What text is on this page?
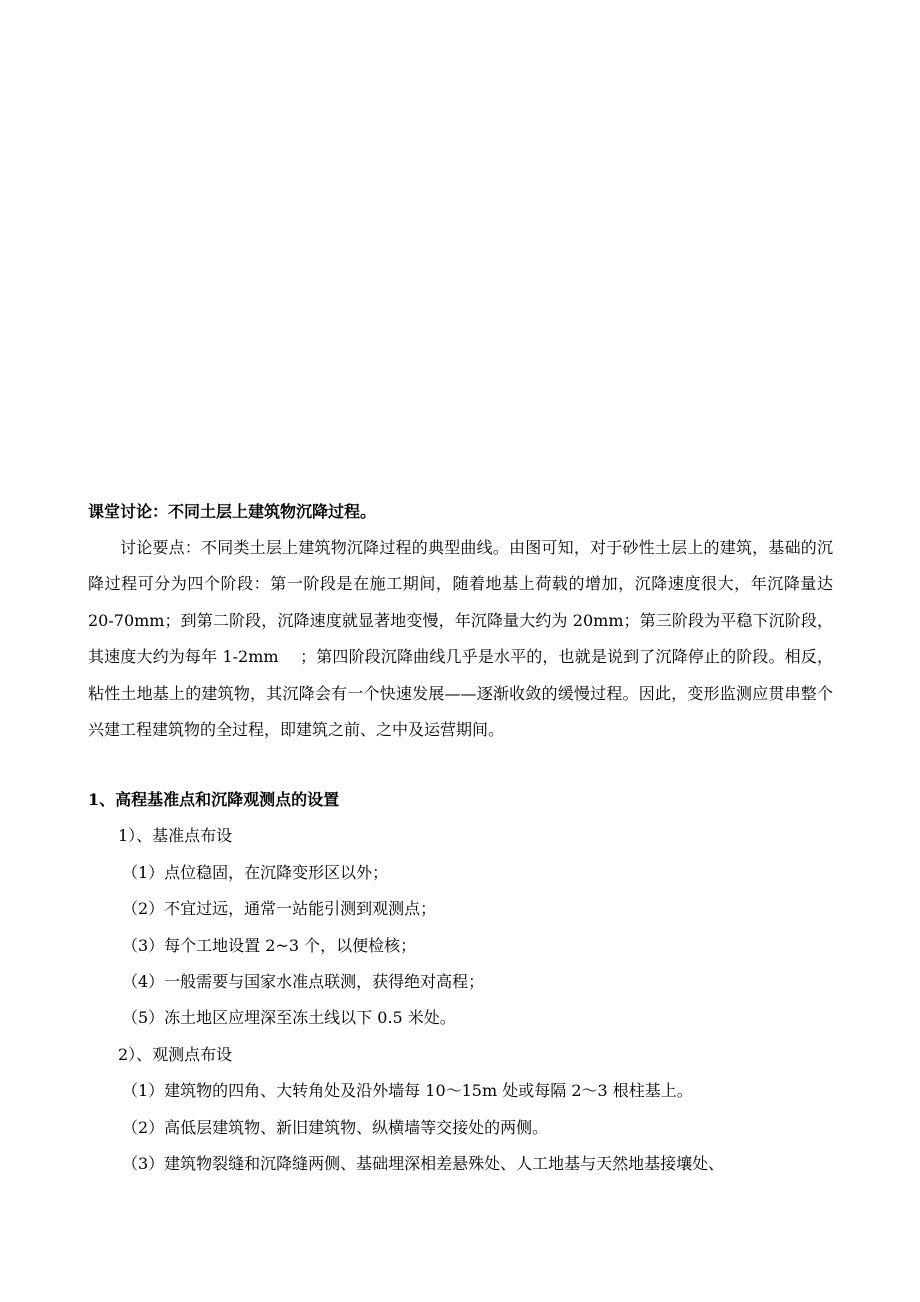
课堂讨论：不同土层上建筑物沉降过程。

讨论要点：不同类土层上建筑物沉降过程的典型曲线。由图可知，对于砂性土层上的建筑，基础的沉降过程可分为四个阶段：第一阶段是在施工期间，随着地基上荷载的增加，沉降速度很大，年沉降量达 20-70mm；到第二阶段，沉降速度就显著地变慢，年沉降量大约为 20mm；第三阶段为平稳下沉阶段，其速度大约为每年 1-2mm　 ；第四阶段沉降曲线几乎是水平的，也就是说到了沉降停止的阶段。相反，粘性土地基上的建筑物，其沉降会有一个快速发展——逐渐收敛的缓慢过程。因此，变形监测应贯串整个兴建工程建筑物的全过程，即建筑之前、之中及运营期间。

1、高程基准点和沉降观测点的设置

1）、基准点布设

（1）点位稳固，在沉降变形区以外；

（2）不宜过远，通常一站能引测到观测点；

（3）每个工地设置 2~3 个，以便检核；

（4）一般需要与国家水准点联测，获得绝对高程；

（5）冻土地区应埋深至冻土线以下 0.5 米处。

2）、观测点布设

（1）建筑物的四角、大转角处及沿外墙每 10～15m 处或每隔 2～3 根柱基上。

（2）高低层建筑物、新旧建筑物、纵横墙等交接处的两侧。

（3）建筑物裂缝和沉降缝两侧、基础埋深相差悬殊处、人工地基与天然地基接壤处、
